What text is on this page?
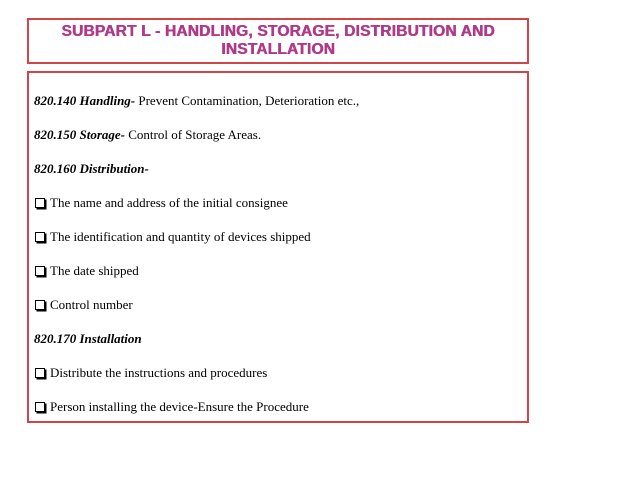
SUBPART L - HANDLING, STORAGE, DISTRIBUTION AND INSTALLATION
820.140 Handling- Prevent Contamination, Deterioration etc.,
820.150 Storage- Control of Storage Areas.
820.160 Distribution-
The name and address of the initial consignee
The identification and quantity of devices shipped
The date shipped
Control number
820.170 Installation
Distribute the instructions and procedures
Person installing the device-Ensure the Procedure
